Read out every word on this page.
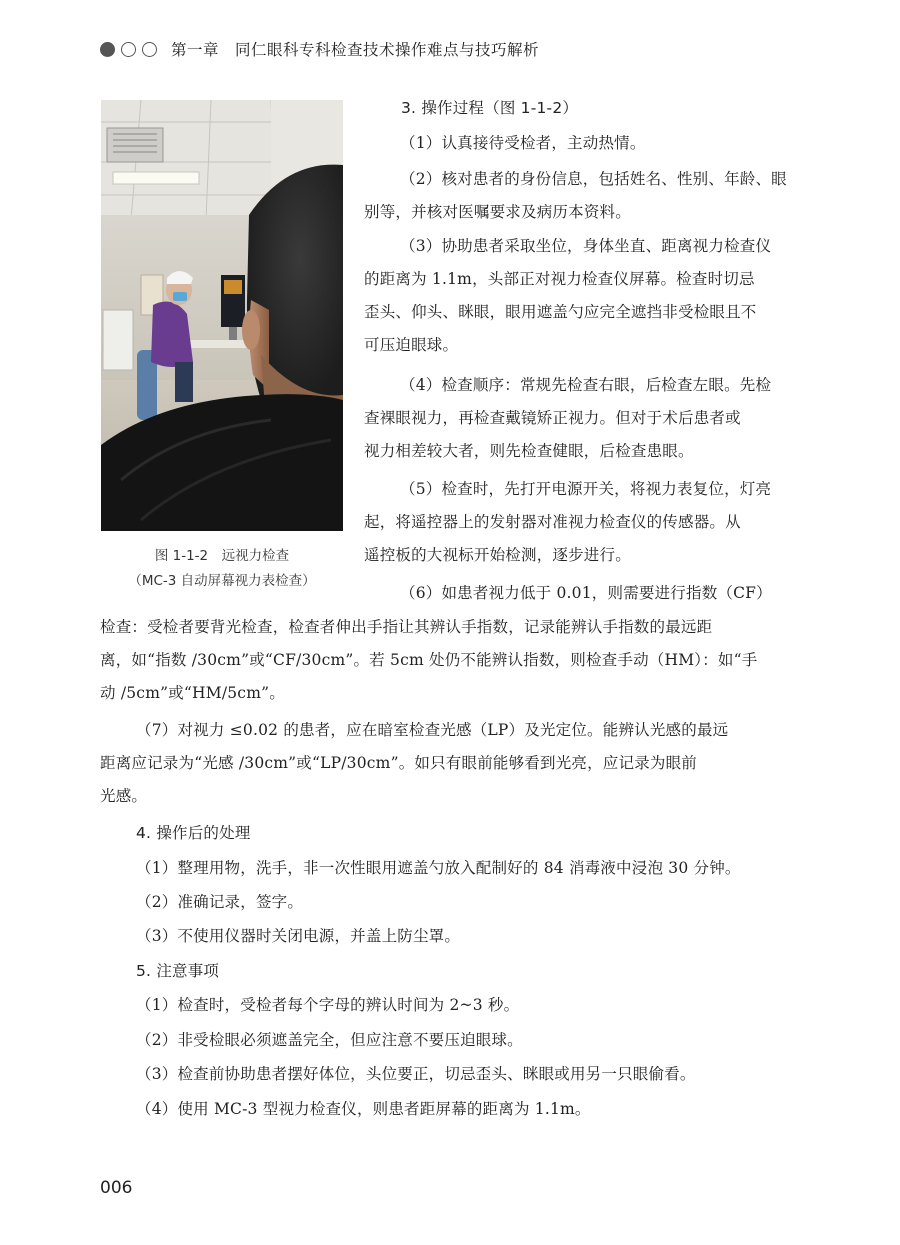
第一章　同仁眼科专科检查技术操作难点与技巧解析
图 1-1-2　远视力检查
（MC-3 自动屏幕视力表检查）
3. 操作过程（图 1-1-2）
（1）认真接待受检者，主动热情。
（2）核对患者的身份信息，包括姓名、性别、年龄、眼
别等，并核对医嘱要求及病历本资料。
（3）协助患者采取坐位，身体坐直、距离视力检查仪
的距离为 1.1m，头部正对视力检查仪屏幕。检查时切忌
歪头、仰头、眯眼，眼用遮盖勺应完全遮挡非受检眼且不
可压迫眼球。
（4）检查顺序：常规先检查右眼，后检查左眼。先检
查裸眼视力，再检查戴镜矫正视力。但对于术后患者或
视力相差较大者，则先检查健眼，后检查患眼。
（5）检查时，先打开电源开关，将视力表复位，灯亮
起，将遥控器上的发射器对准视力检查仪的传感器。从
遥控板的大视标开始检测，逐步进行。
（6）如患者视力低于 0.01，则需要进行指数（CF）
检查：受检者要背光检查，检查者伸出手指让其辨认手指数，记录能辨认手指数的最远距
离，如“指数 /30cm”或“CF/30cm”。若 5cm 处仍不能辨认指数，则检查手动（HM）：如“手
动 /5cm”或“HM/5cm”。
（7）对视力 ≤0.02 的患者，应在暗室检查光感（LP）及光定位。能辨认光感的最远
距离应记录为“光感 /30cm”或“LP/30cm”。如只有眼前能够看到光亮，应记录为眼前
光感。
4. 操作后的处理
（1）整理用物，洗手，非一次性眼用遮盖勺放入配制好的 84 消毒液中浸泡 30 分钟。
（2）准确记录，签字。
（3）不使用仪器时关闭电源，并盖上防尘罩。
5. 注意事项
（1）检查时，受检者每个字母的辨认时间为 2~3 秒。
（2）非受检眼必须遮盖完全，但应注意不要压迫眼球。
（3）检查前协助患者摆好体位，头位要正，切忌歪头、眯眼或用另一只眼偷看。
（4）使用 MC-3 型视力检查仪，则患者距屏幕的距离为 1.1m。
006
